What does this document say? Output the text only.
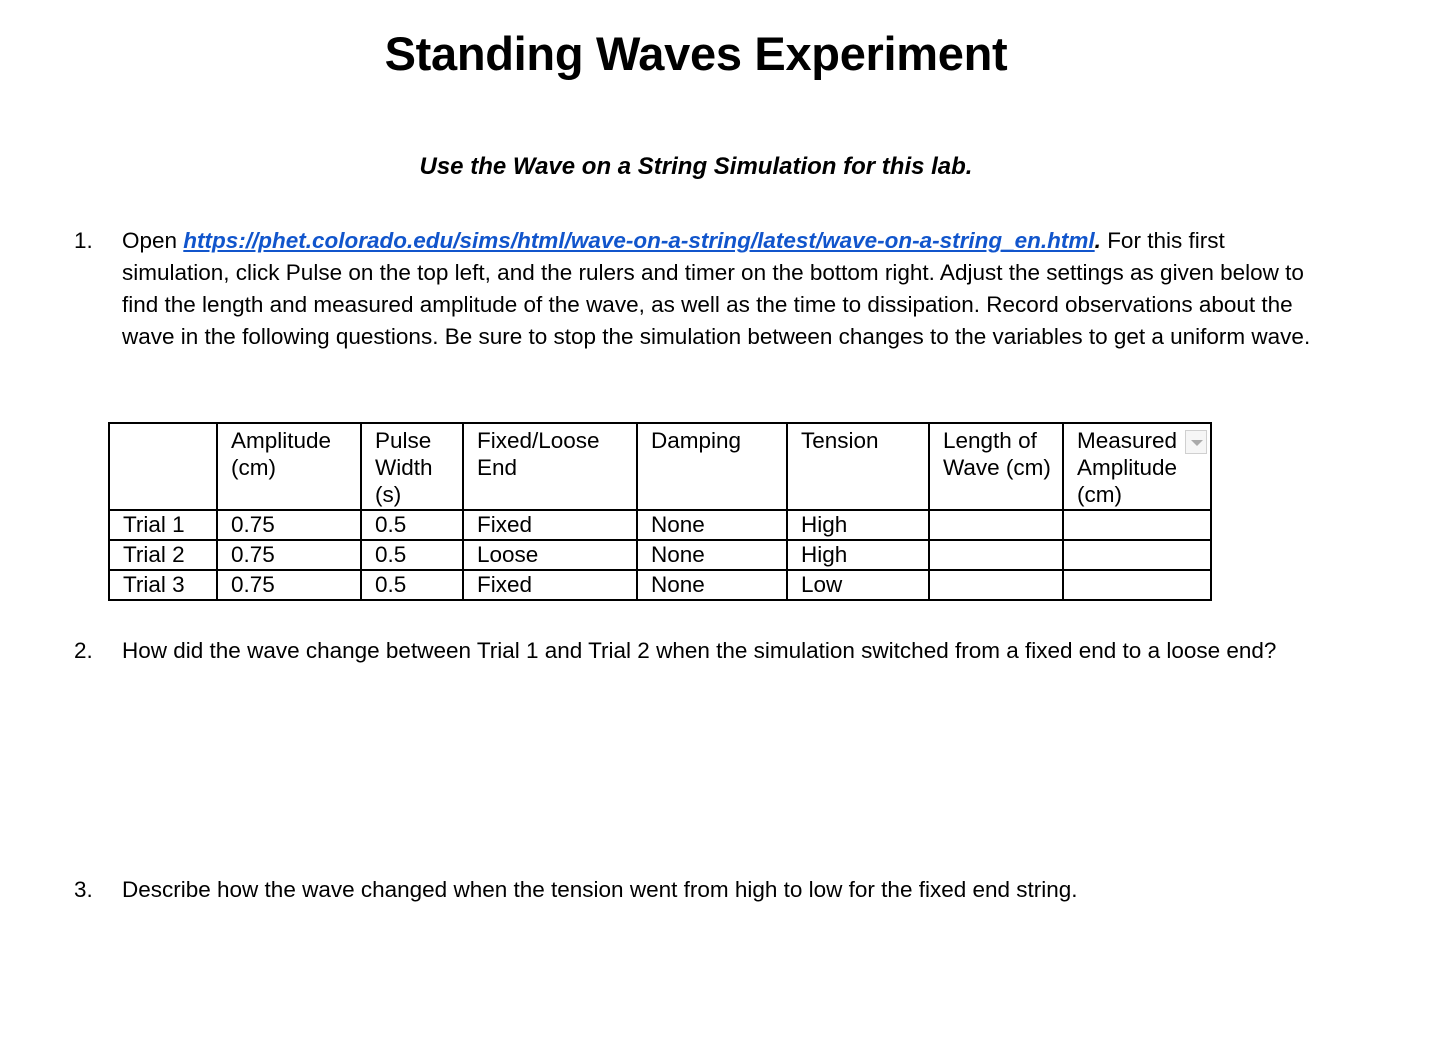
Standing Waves Experiment
Use the Wave on a String Simulation for this lab.
1. Open https://phet.colorado.edu/sims/html/wave-on-a-string/latest/wave-on-a-string_en.html. For this first simulation, click Pulse on the top left, and the rulers and timer on the bottom right. Adjust the settings as given below to find the length and measured amplitude of the wave, as well as the time to dissipation. Record observations about the wave in the following questions. Be sure to stop the simulation between changes to the variables to get a uniform wave.
	Amplitude (cm)	Pulse Width (s)	Fixed/Loose End	Damping	Tension	Length of Wave (cm)	Measured Amplitude (cm)

Trial 1	0.75	0.5	Fixed	None	High		
Trial 2	0.75	0.5	Loose	None	High		
Trial 3	0.75	0.5	Fixed	None	Low		
2. How did the wave change between Trial 1 and Trial 2 when the simulation switched from a fixed end to a loose end?
3. Describe how the wave changed when the tension went from high to low for the fixed end string.
